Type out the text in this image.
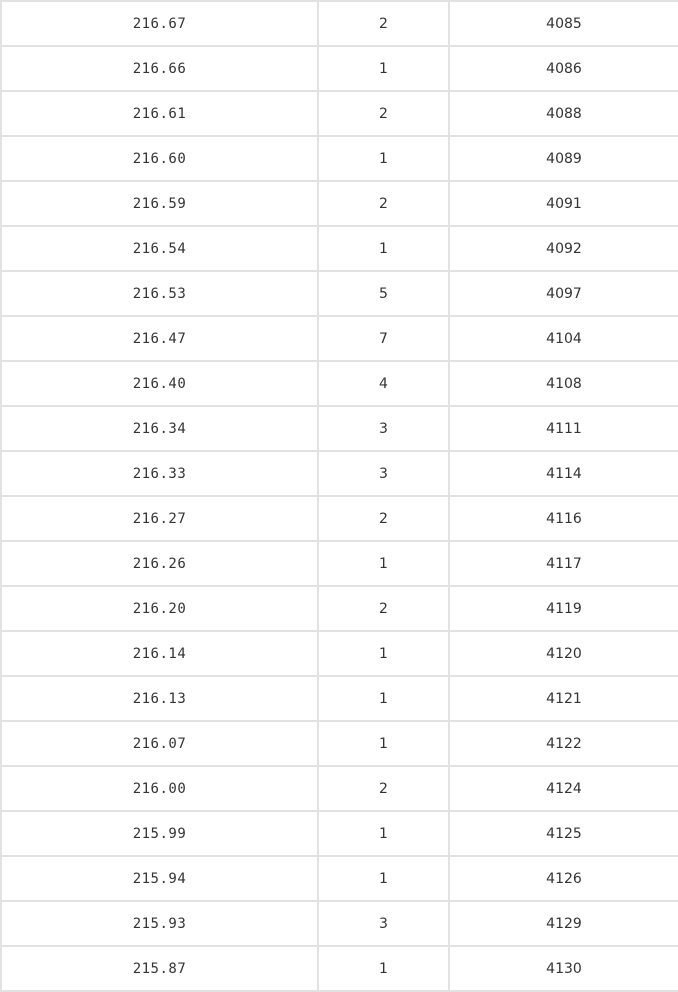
216.67	2	4085
216.66	1	4086
216.61	2	4088
216.60	1	4089
216.59	2	4091
216.54	1	4092
216.53	5	4097
216.47	7	4104
216.40	4	4108
216.34	3	4111
216.33	3	4114
216.27	2	4116
216.26	1	4117
216.20	2	4119
216.14	1	4120
216.13	1	4121
216.07	1	4122
216.00	2	4124
215.99	1	4125
215.94	1	4126
215.93	3	4129
215.87	1	4130
